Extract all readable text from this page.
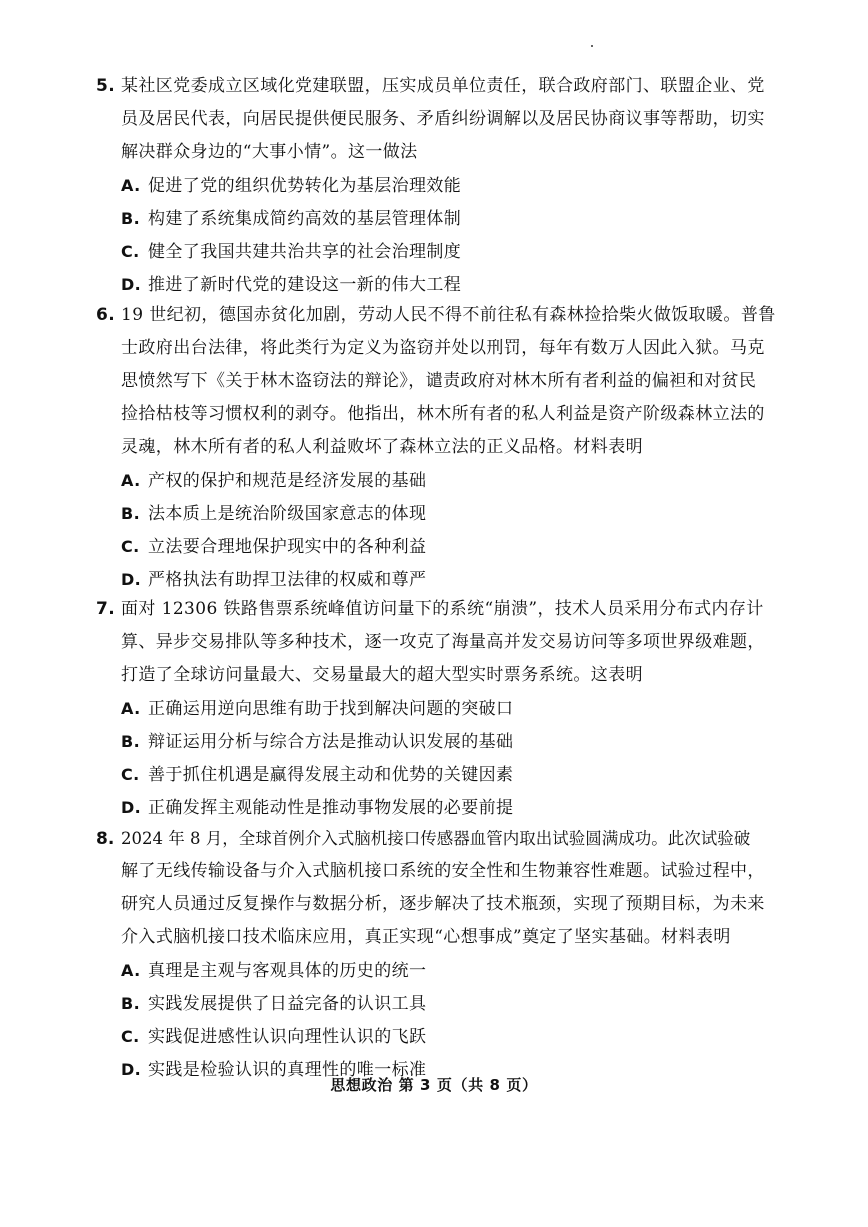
5. 某社区党委成立区域化党建联盟，压实成员单位责任，联合政府部门、联盟企业、党
员及居民代表，向居民提供便民服务、矛盾纠纷调解以及居民协商议事等帮助，切实
解决群众身边的“大事小情”。这一做法
A. 促进了党的组织优势转化为基层治理效能
B. 构建了系统集成简约高效的基层管理体制
C. 健全了我国共建共治共享的社会治理制度
D. 推进了新时代党的建设这一新的伟大工程
6. 19 世纪初，德国赤贫化加剧，劳动人民不得不前往私有森林捡拾柴火做饭取暖。普鲁
士政府出台法律，将此类行为定义为盗窃并处以刑罚，每年有数万人因此入狱。马克
思愤然写下《关于林木盗窃法的辩论》，谴责政府对林木所有者利益的偏袒和对贫民
捡拾枯枝等习惯权利的剥夺。他指出，林木所有者的私人利益是资产阶级森林立法的
灵魂，林木所有者的私人利益败坏了森林立法的正义品格。材料表明
A. 产权的保护和规范是经济发展的基础
B. 法本质上是统治阶级国家意志的体现
C. 立法要合理地保护现实中的各种利益
D. 严格执法有助捍卫法律的权威和尊严
7. 面对 12306 铁路售票系统峰值访问量下的系统“崩溃”，技术人员采用分布式内存计
算、异步交易排队等多种技术，逐一攻克了海量高并发交易访问等多项世界级难题，
打造了全球访问量最大、交易量最大的超大型实时票务系统。这表明
A. 正确运用逆向思维有助于找到解决问题的突破口
B. 辩证运用分析与综合方法是推动认识发展的基础
C. 善于抓住机遇是赢得发展主动和优势的关键因素
D. 正确发挥主观能动性是推动事物发展的必要前提
8. 2024 年 8 月，全球首例介入式脑机接口传感器血管内取出试验圆满成功。此次试验破
解了无线传输设备与介入式脑机接口系统的安全性和生物兼容性难题。试验过程中，
研究人员通过反复操作与数据分析，逐步解决了技术瓶颈，实现了预期目标，为未来
介入式脑机接口技术临床应用，真正实现“心想事成”奠定了坚实基础。材料表明
A. 真理是主观与客观具体的历史的统一
B. 实践发展提供了日益完备的认识工具
C. 实践促进感性认识向理性认识的飞跃
D. 实践是检验认识的真理性的唯一标准
思想政治 第 3 页（共 8 页）
